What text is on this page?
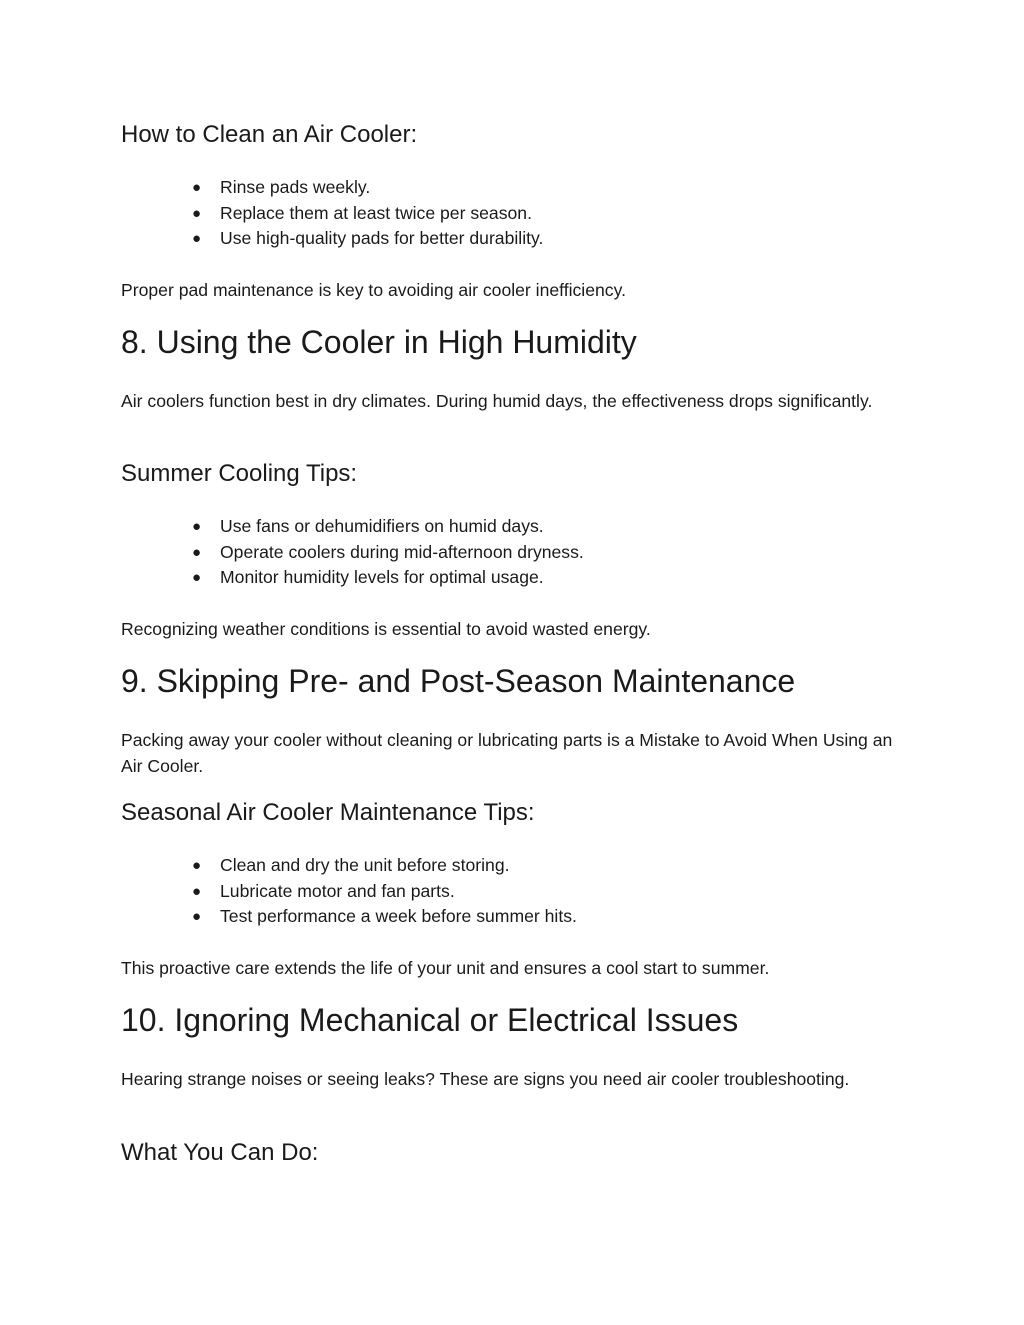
How to Clean an Air Cooler:
● Rinse pads weekly.
● Replace them at least twice per season.
● Use high-quality pads for better durability.

Proper pad maintenance is key to avoiding air cooler inefficiency.

8. Using the Cooler in High Humidity

Air coolers function best in dry climates. During humid days, the effectiveness drops significantly.

Summer Cooling Tips:
● Use fans or dehumidifiers on humid days.
● Operate coolers during mid-afternoon dryness.
● Monitor humidity levels for optimal usage.

Recognizing weather conditions is essential to avoid wasted energy.

9. Skipping Pre- and Post-Season Maintenance

Packing away your cooler without cleaning or lubricating parts is a Mistake to Avoid When Using an Air Cooler.

Seasonal Air Cooler Maintenance Tips:
● Clean and dry the unit before storing.
● Lubricate motor and fan parts.
● Test performance a week before summer hits.

This proactive care extends the life of your unit and ensures a cool start to summer.

10. Ignoring Mechanical or Electrical Issues

Hearing strange noises or seeing leaks? These are signs you need air cooler troubleshooting.

What You Can Do:
